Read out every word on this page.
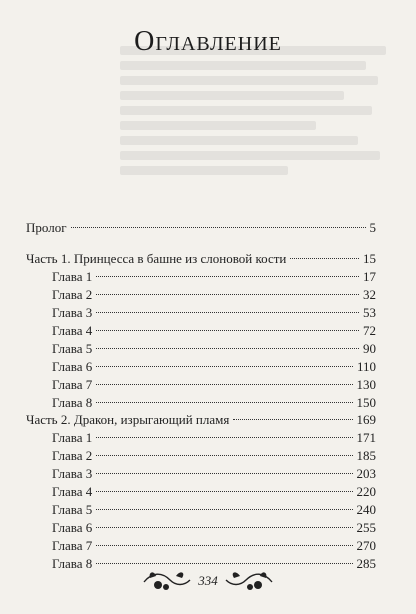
Оглавление
Пролог	5
Часть 1. Принцесса в башне из слоновой кости	15
Глава 1	17
Глава 2	32
Глава 3	53
Глава 4	72
Глава 5	90
Глава 6	110
Глава 7	130
Глава 8	150
Часть 2. Дракон, изрыгающий пламя	169
Глава 1	171
Глава 2	185
Глава 3	203
Глава 4	220
Глава 5	240
Глава 6	255
Глава 7	270
Глава 8	285
334
